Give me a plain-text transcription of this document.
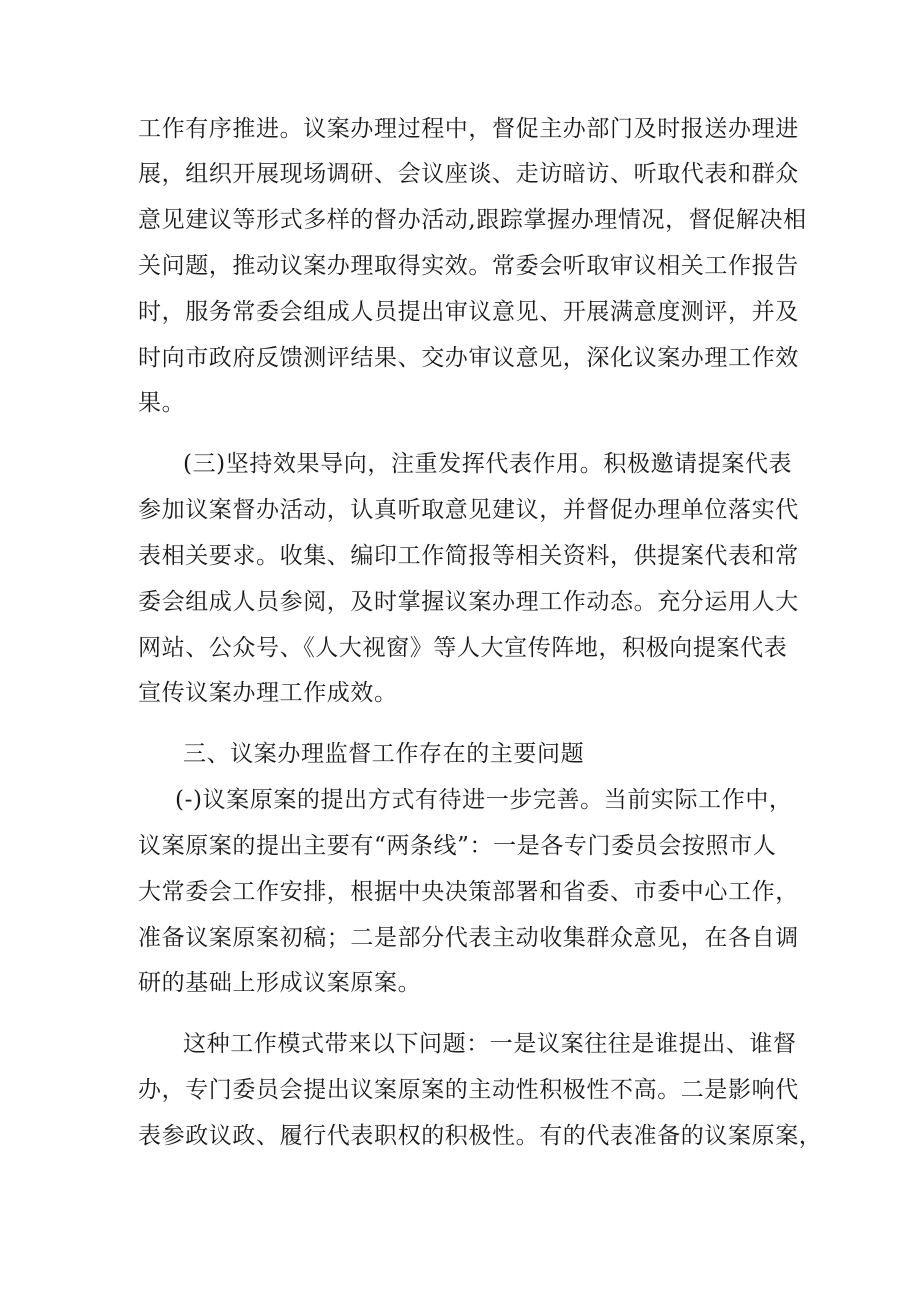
工作有序推进。议案办理过程中，督促主办部门及时报送办理进
展，组织开展现场调研、会议座谈、走访暗访、听取代表和群众
意见建议等形式多样的督办活动,跟踪掌握办理情况，督促解决相
关问题，推动议案办理取得实效。常委会听取审议相关工作报告
时，服务常委会组成人员提出审议意见、开展满意度测评，并及
时向市政府反馈测评结果、交办审议意见，深化议案办理工作效
果。
(三)坚持效果导向，注重发挥代表作用。积极邀请提案代表
参加议案督办活动，认真听取意见建议，并督促办理单位落实代
表相关要求。收集、编印工作简报等相关资料，供提案代表和常
委会组成人员参阅，及时掌握议案办理工作动态。充分运用人大
网站、公众号、《人大视窗》等人大宣传阵地，积极向提案代表
宣传议案办理工作成效。
三、议案办理监督工作存在的主要问题
(-)议案原案的提出方式有待进一步完善。当前实际工作中，
议案原案的提出主要有“两条线”：一是各专门委员会按照市人
大常委会工作安排，根据中央决策部署和省委、市委中心工作，
准备议案原案初稿；二是部分代表主动收集群众意见，在各自调
研的基础上形成议案原案。
这种工作模式带来以下问题：一是议案往往是谁提出、谁督
办，专门委员会提出议案原案的主动性积极性不高。二是影响代
表参政议政、履行代表职权的积极性。有的代表准备的议案原案，
